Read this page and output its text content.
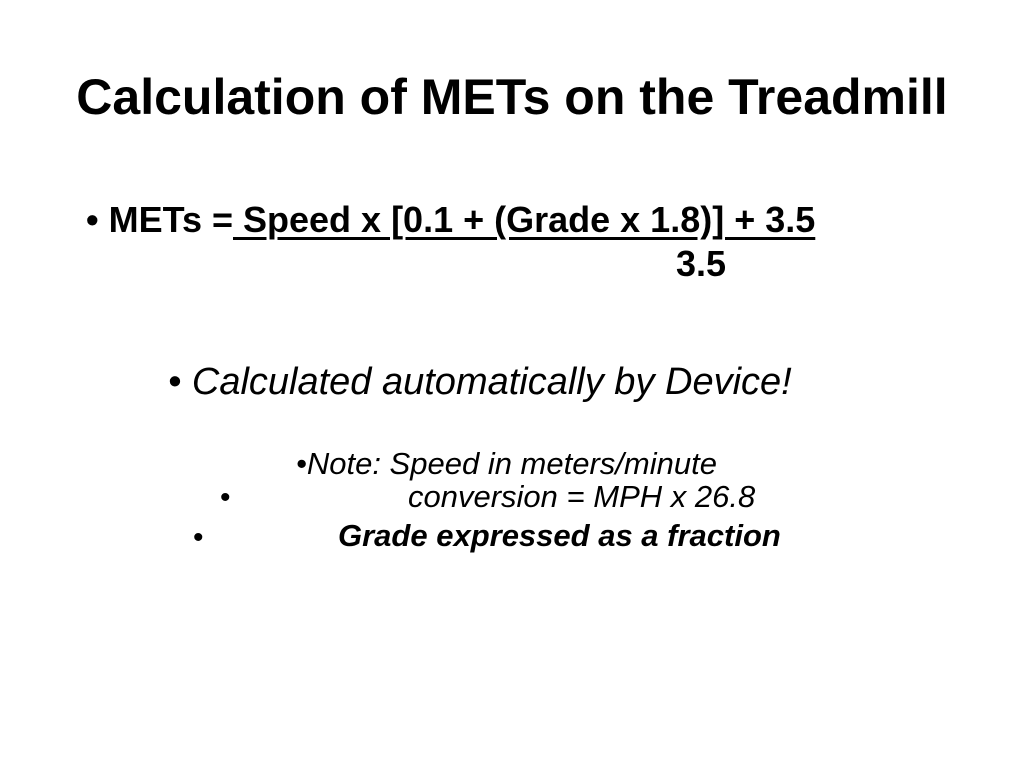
Calculation of METs on the Treadmill
• METs = Speed x [0.1 + (Grade x 1.8)] + 3.5
3.5
• Calculated automatically by Device!
•Note: Speed in meters/minute
•	conversion = MPH x 26.8
•	Grade expressed as a fraction
